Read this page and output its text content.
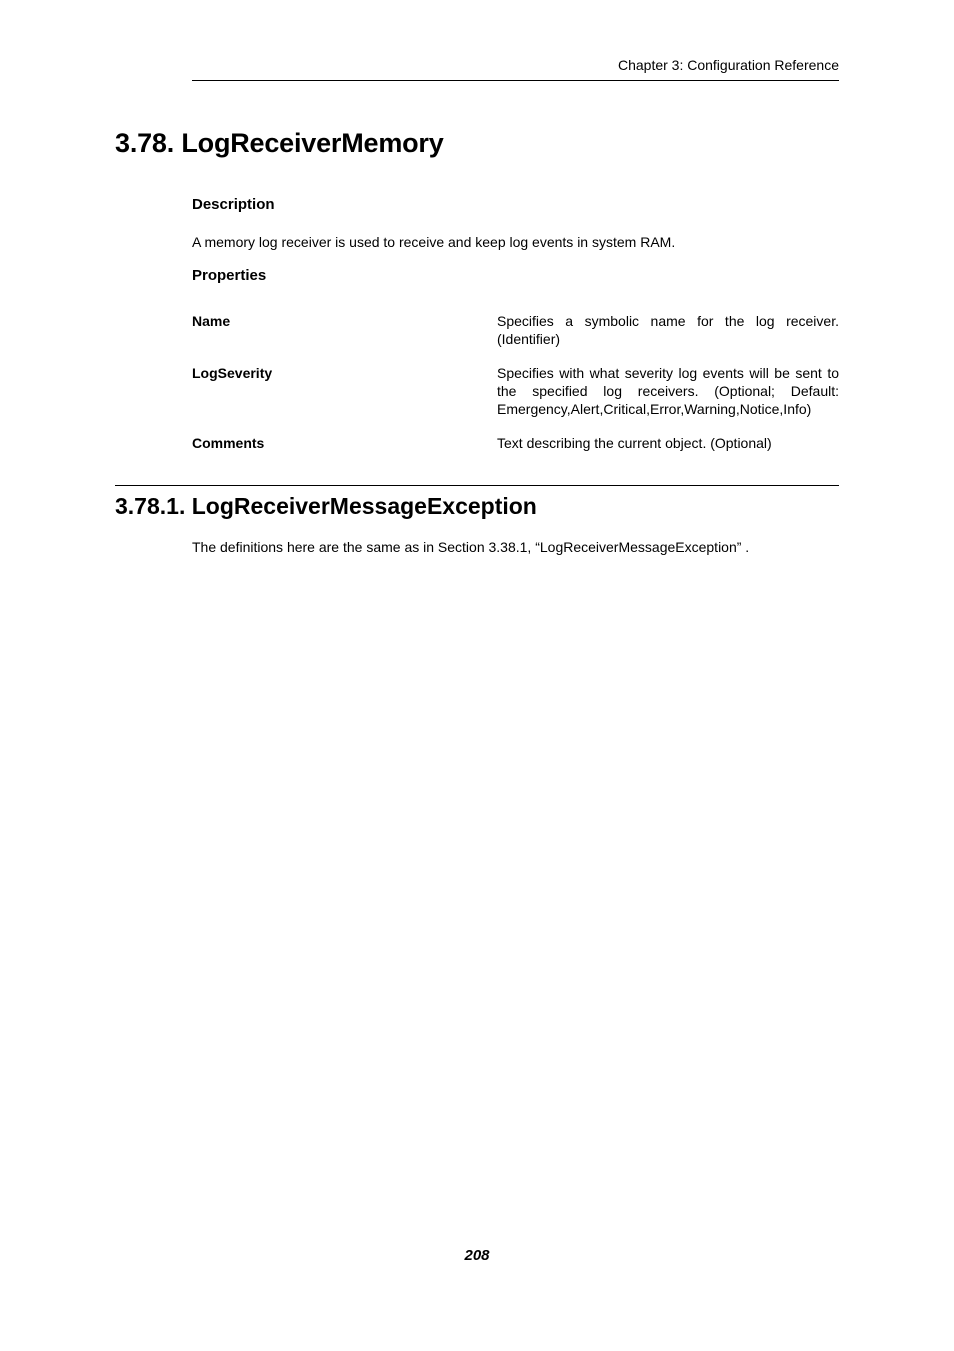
Chapter 3: Configuration Reference
3.78. LogReceiverMemory
Description

A memory log receiver is used to receive and keep log events in system RAM.

Properties
Name	Specifies a symbolic name for the log receiver. (Identifier)
LogSeverity	Specifies with what severity log events will be sent to the specified log receivers. (Optional; Default: Emergency,Alert,Critical,Error,Warning,Notice,Info)
Comments	Text describing the current object. (Optional)
3.78.1. LogReceiverMessageException

The definitions here are the same as in Section 3.38.1, “LogReceiverMessageException” .

208
